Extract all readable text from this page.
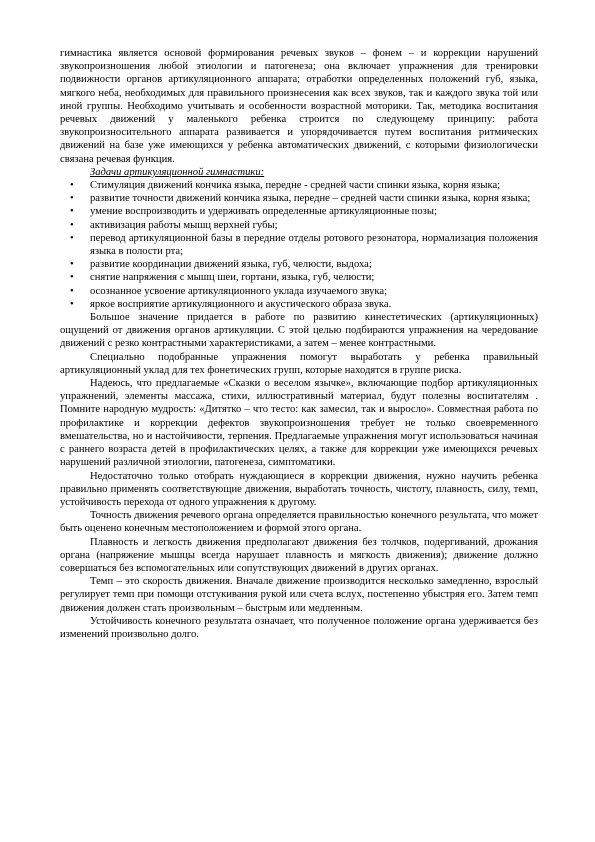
гимнастика является основой формирования речевых звуков – фонем – и коррекции нарушений звукопроизношения любой этиологии и патогенеза; она включает упражнения для тренировки подвижности органов артикуляционного аппарата; отработки определенных положений губ, языка, мягкого неба, необходимых для правильного произнесения как всех звуков, так и каждого звука той или иной группы. Необходимо учитывать и особенности возрастной моторики. Так, методика воспитания речевых движений у маленького ребенка строится по следующему принципу: работа звукопроизносительного аппарата развивается и упорядочивается путем воспитания ритмических движений на базе уже имеющихся у ребенка автоматических движений, с которыми физиологически связана речевая функция.

Задачи артикуляционной гимнастики:

• Стимуляция движений кончика языка, передне - средней части спинки языка, корня языка;
• развитие точности движений кончика языка, передне – средней части спинки языка, корня языка;
• умение воспроизводить и удерживать определенные артикуляционные позы;
• активизация работы мышц верхней губы;
• перевод артикуляционной базы в передние отделы ротового резонатора, нормализация положения языка в полости рта;
• развитие координации движений языка, губ, челюсти, выдоха;
• снятие напряжения с мышц шеи, гортани, языка, губ, челюсти;
• осознанное усвоение артикуляционного уклада изучаемого звука;
• яркое восприятие артикуляционного и акустического образа звука.

Большое значение придается в работе по развитию кинестетических (артикуляционных) ощущений от движения органов артикуляции. С этой целью подбираются упражнения на чередование движений с резко контрастными характеристиками, а затем – менее контрастными.

Специально подобранные упражнения помогут выработать у ребенка правильный артикуляционный уклад для тех фонетических групп, которые находятся в группе риска.

Надеюсь, что предлагаемые «Сказки о веселом язычке», включающие подбор артикуляционных упражнений, элементы массажа, стихи, иллюстративный материал, будут полезны воспитателям . Помните народную мудрость: «Дитятко – что тесто: как замесил, так и выросло». Совместная работа по профилактике и коррекции дефектов звукопроизношения требует не только своевременного вмешательства, но и настойчивости, терпения. Предлагаемые упражнения могут использоваться начиная с раннего возраста детей в профилактических целях, а также для коррекции уже имеющихся речевых нарушений различной этиологии, патогенеза, симптоматики.

Недостаточно только отобрать нуждающиеся в коррекции движения, нужно научить ребенка правильно применять соответствующие движения, выработать точность, чистоту, плавность, силу, темп, устойчивость перехода от одного упражнения к другому.

Точность движения речевого органа определяется правильностью конечного результата, что может быть оценено конечным местоположением и формой этого органа.

Плавность и легкость движения предполагают движения без толчков, подергиваний, дрожания органа (напряжение мышцы всегда нарушает плавность и мягкость движения); движение должно совершаться без вспомогательных или сопутствующих движений в других органах.

Темп – это скорость движения. Вначале движение производится несколько замедленно, взрослый регулирует темп при помощи отстукивания рукой или счета вслух, постепенно убыстряя его. Затем темп движения должен стать произвольным – быстрым или медленным.

Устойчивость конечного результата означает, что полученное положение органа удерживается без изменений произвольно долго.
